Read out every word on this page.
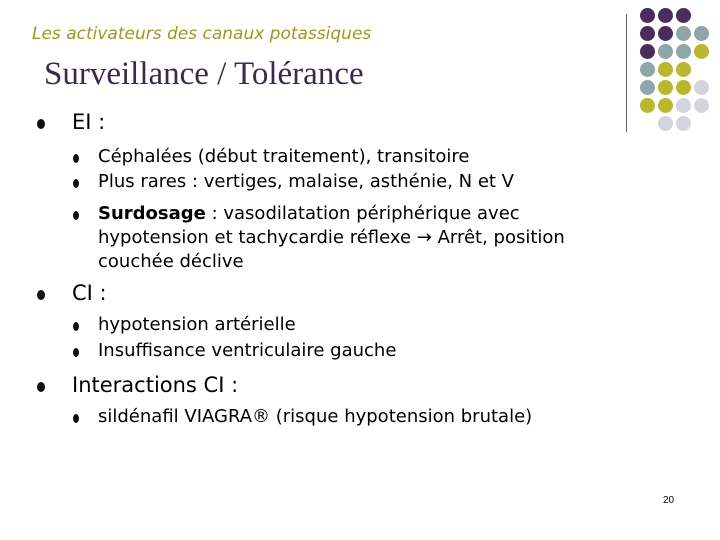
Les activateurs des canaux potassiques
Surveillance / Tolérance
EI :
Céphalées (début traitement), transitoire
Plus rares : vertiges, malaise, asthénie, N et V
Surdosage : vasodilatation périphérique avec
hypotension et tachycardie réflexe → Arrêt, position
couchée déclive
CI :
hypotension artérielle
Insuffisance ventriculaire gauche
Interactions CI :
sildénafil VIAGRA® (risque hypotension brutale)
20
